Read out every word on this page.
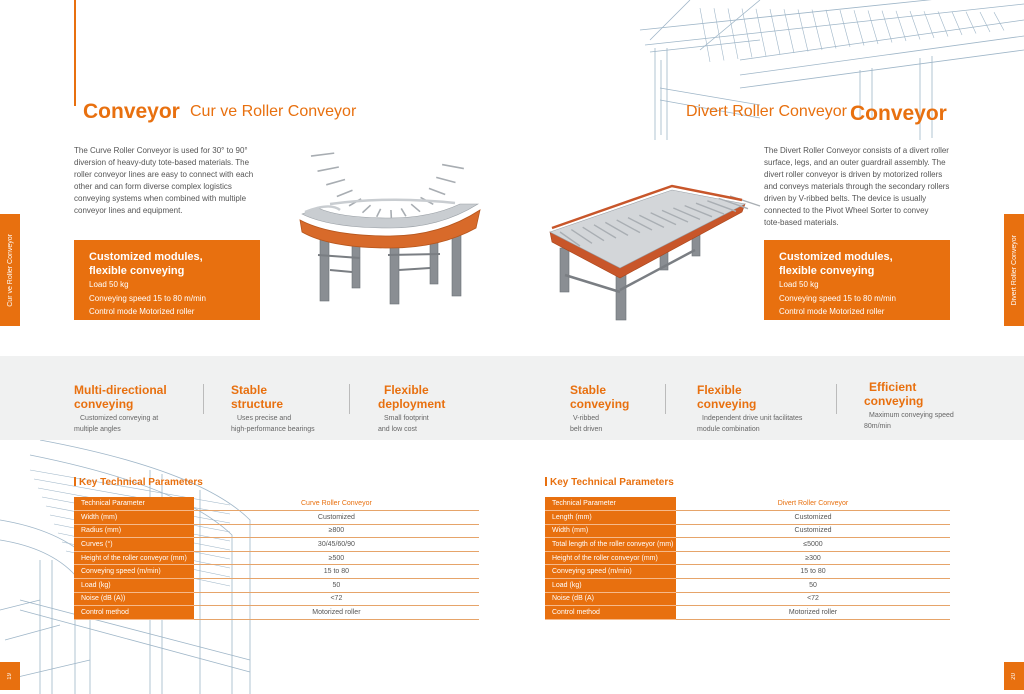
Cur ve Roller Conveyor
19
Conveyor Cur ve Roller Conveyor
The Curve Roller Conveyor is used for 30° to 90°
diversion of heavy-duty tote-based materials. The
roller conveyor lines are easy to connect with each
other and can form diverse complex logistics
conveying systems when combined with multiple
conveyor lines and equipment.
Customized modules,
flexible conveying
Load 50 kg
Conveying speed 15 to 80 m/min
Control mode Motorized roller
Multi-directional
conveying
Customized conveying at
multiple angles
Stable
structure
Uses precise and
high-performance bearings
Flexible
deployment
Small footprint
and low cost
Stable
conveying
V-ribbed
belt driven
Flexible
conveying
Independent drive unit facilitates
module combination
Efficient
conveying
Maximum conveying speed
80m/min
Key Technical Parameters
Technical Parameter	Curve Roller Conveyor
Width (mm)	Customized
Radius (mm)	≥800
Curves (°)	30/45/60/90
Height of the roller conveyor (mm)	≥500
Conveying speed (m/min)	15 to 80
Load (kg)	50
Noise (dB (A))	<72
Control method	Motorized roller
Divert Roller Conveyor
20
Divert Roller Conveyor Conveyor
The Divert Roller Conveyor consists of a divert roller
surface, legs, and an outer guardrail assembly. The
divert roller conveyor is driven by motorized rollers
and conveys materials through the secondary rollers
driven by V-ribbed belts. The device is usually
connected to the Pivot Wheel Sorter to convey
tote-based materials.
Customized modules,
flexible conveying
Load 50 kg
Conveying speed 15 to 80 m/min
Control mode Motorized roller
Key Technical Parameters
Technical Parameter	Divert Roller Conveyor
Length (mm)	Customized
Width (mm)	Customized
Total length of the roller conveyor (mm)	≤5000
Height of the roller conveyor (mm)	≥300
Conveying speed (m/min)	15 to 80
Load (kg)	50
Noise (dB (A)	<72
Control method	Motorized roller
